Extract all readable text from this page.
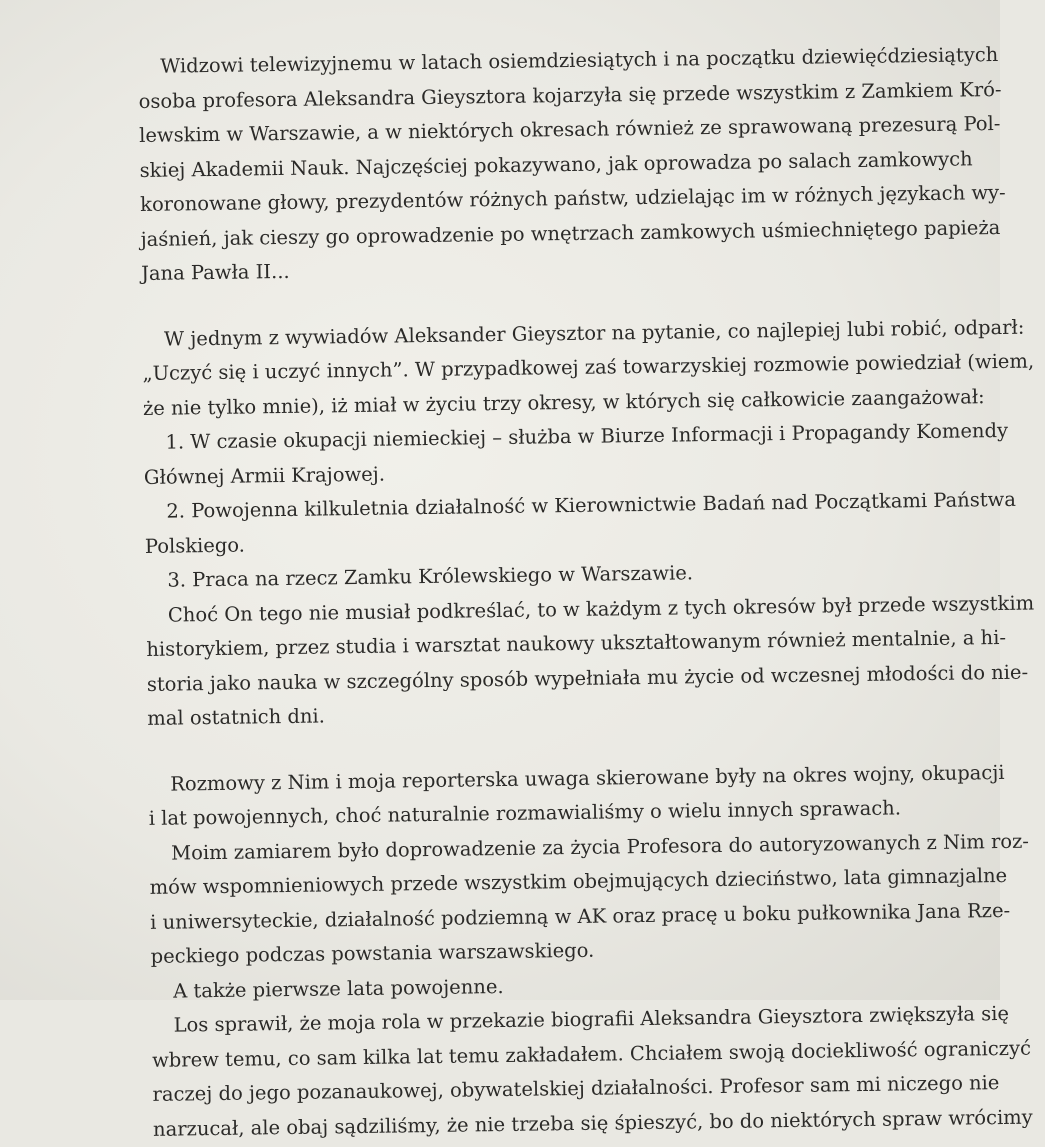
Widzowi telewizyjnemu w latach osiemdziesiątych i na początku dziewięćdziesiątych
osoba profesora Aleksandra Gieysztora kojarzyła się przede wszystkim z Zamkiem Kró-
lewskim w Warszawie, a w niektórych okresach również ze sprawowaną prezesurą Pol-
skiej Akademii Nauk. Najczęściej pokazywano, jak oprowadza po salach zamkowych
koronowane głowy, prezydentów różnych państw, udzielając im w różnych językach wy-
jaśnień, jak cieszy go oprowadzenie po wnętrzach zamkowych uśmiechniętego papieża
Jana Pawła II...
W jednym z wywiadów Aleksander Gieysztor na pytanie, co najlepiej lubi robić, odparł:
„Uczyć się i uczyć innych”. W przypadkowej zaś towarzyskiej rozmowie powiedział (wiem,
że nie tylko mnie), iż miał w życiu trzy okresy, w których się całkowicie zaangażował:
1. W czasie okupacji niemieckiej – służba w Biurze Informacji i Propagandy Komendy
Głównej Armii Krajowej.
2. Powojenna kilkuletnia działalność w Kierownictwie Badań nad Początkami Państwa
Polskiego.
3. Praca na rzecz Zamku Królewskiego w Warszawie.
Choć On tego nie musiał podkreślać, to w każdym z tych okresów był przede wszystkim
historykiem, przez studia i warsztat naukowy ukształtowanym również mentalnie, a hi-
storia jako nauka w szczególny sposób wypełniała mu życie od wczesnej młodości do nie-
mal ostatnich dni.
Rozmowy z Nim i moja reporterska uwaga skierowane były na okres wojny, okupacji
i lat powojennych, choć naturalnie rozmawialiśmy o wielu innych sprawach.
Moim zamiarem było doprowadzenie za życia Profesora do autoryzowanych z Nim roz-
mów wspomnieniowych przede wszystkim obejmujących dzieciństwo, lata gimnazjalne
i uniwersyteckie, działalność podziemną w AK oraz pracę u boku pułkownika Jana Rze-
peckiego podczas powstania warszawskiego.
A także pierwsze lata powojenne.
Los sprawił, że moja rola w przekazie biografii Aleksandra Gieysztora zwiększyła się
wbrew temu, co sam kilka lat temu zakładałem. Chciałem swoją dociekliwość ograniczyć
raczej do jego pozanaukowej, obywatelskiej działalności. Profesor sam mi niczego nie
narzucał, ale obaj sądziliśmy, że nie trzeba się śpieszyć, bo do niektórych spraw wrócimy
